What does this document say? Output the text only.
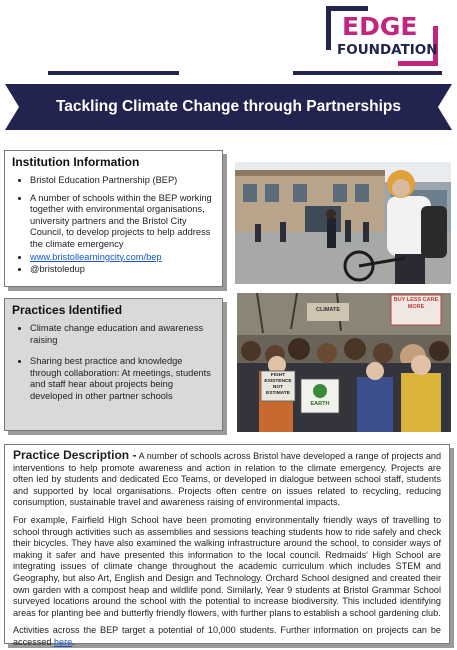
EDGE
FOUNDATION
Tackling Climate Change through Partnerships
Institution Information
• Bristol Education Partnership (BEP)
• A number of schools within the BEP working together with environmental organisations, university partners and the Bristol City Council, to develop projects to help address the climate emergency
• www.bristollearningcity.com/bep
• @bristoledup
Practices Identified
• Climate change education and awareness raising
• Sharing best practice and knowledge through collaboration: At meetings, students and staff hear about projects being developed in other partner schools
BUY LESS CARE MORE
CLIMATE
FIGHT EXISTENCE NOT ESTIMATE
EARTH

Practice Description - A number of schools across Bristol have developed a range of projects and interventions to help promote awareness and action in relation to the climate emergency. Projects are often led by students and dedicated Eco Teams, or developed in dialogue between school staff, students and supported by local organisations. Projects often centre on issues related to recycling, reducing consumption, sustainable travel and awareness raising of environmental impacts.

For example, Fairfield High School have been promoting environmentally friendly ways of travelling to school through activities such as assemblies and sessions teaching students how to ride safely and check their bicycles. They have also examined the walking infrastructure around the school, to consider ways of making it safer and have presented this information to the local council. Redmaids' High School are integrating issues of climate change throughout the academic curriculum which includes STEM and Geography, but also Art, English and Design and Technology. Orchard School designed and created their own garden with a compost heap and wildlife pond. Similarly, Year 9 students at Bristol Grammar School surveyed locations around the school with the potential to increase biodiversity. This included identifying areas for planting bee and butterfly friendly flowers, with further plans to establish a school gardening club.

Activities across the BEP target a potential of 10,000 students. Further information on projects can be accessed here.
